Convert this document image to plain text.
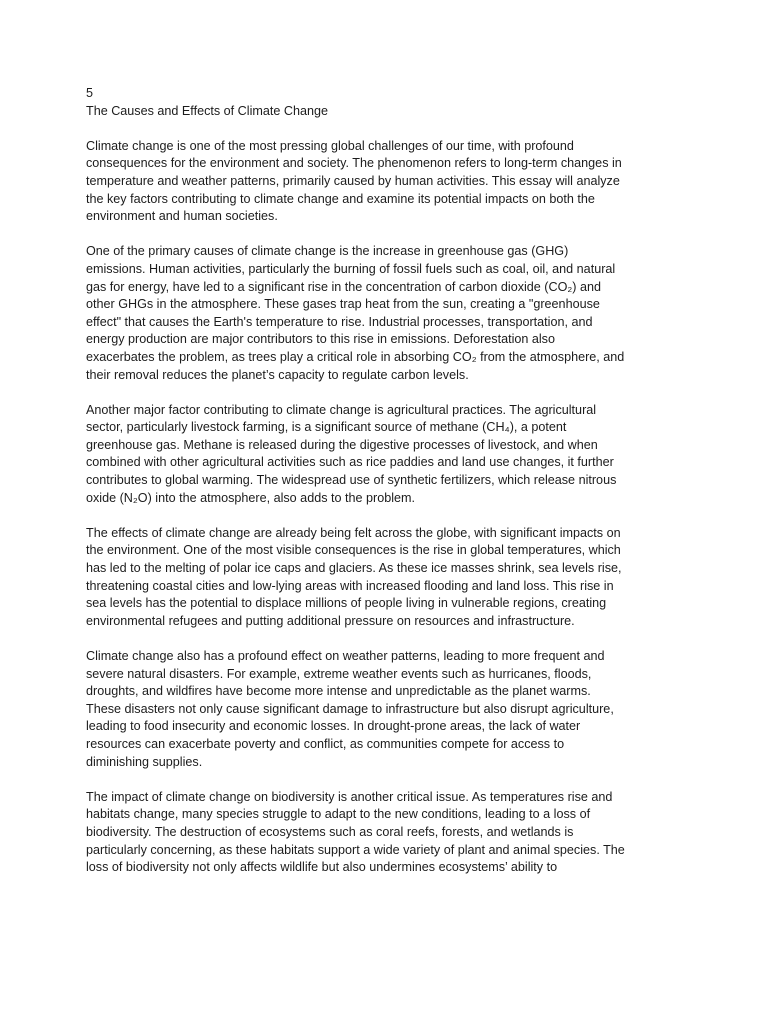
5

The Causes and Effects of Climate Change

Climate change is one of the most pressing global challenges of our time, with profound consequences for the environment and society. The phenomenon refers to long-term changes in temperature and weather patterns, primarily caused by human activities. This essay will analyze the key factors contributing to climate change and examine its potential impacts on both the environment and human societies.

One of the primary causes of climate change is the increase in greenhouse gas (GHG) emissions. Human activities, particularly the burning of fossil fuels such as coal, oil, and natural gas for energy, have led to a significant rise in the concentration of carbon dioxide (CO₂) and other GHGs in the atmosphere. These gases trap heat from the sun, creating a "greenhouse effect" that causes the Earth's temperature to rise. Industrial processes, transportation, and energy production are major contributors to this rise in emissions. Deforestation also exacerbates the problem, as trees play a critical role in absorbing CO₂ from the atmosphere, and their removal reduces the planet’s capacity to regulate carbon levels.

Another major factor contributing to climate change is agricultural practices. The agricultural sector, particularly livestock farming, is a significant source of methane (CH₄), a potent greenhouse gas. Methane is released during the digestive processes of livestock, and when combined with other agricultural activities such as rice paddies and land use changes, it further contributes to global warming. The widespread use of synthetic fertilizers, which release nitrous oxide (N₂O) into the atmosphere, also adds to the problem.

The effects of climate change are already being felt across the globe, with significant impacts on the environment. One of the most visible consequences is the rise in global temperatures, which has led to the melting of polar ice caps and glaciers. As these ice masses shrink, sea levels rise, threatening coastal cities and low-lying areas with increased flooding and land loss. This rise in sea levels has the potential to displace millions of people living in vulnerable regions, creating environmental refugees and putting additional pressure on resources and infrastructure.

Climate change also has a profound effect on weather patterns, leading to more frequent and severe natural disasters. For example, extreme weather events such as hurricanes, floods, droughts, and wildfires have become more intense and unpredictable as the planet warms. These disasters not only cause significant damage to infrastructure but also disrupt agriculture, leading to food insecurity and economic losses. In drought-prone areas, the lack of water resources can exacerbate poverty and conflict, as communities compete for access to diminishing supplies.

The impact of climate change on biodiversity is another critical issue. As temperatures rise and habitats change, many species struggle to adapt to the new conditions, leading to a loss of biodiversity. The destruction of ecosystems such as coral reefs, forests, and wetlands is particularly concerning, as these habitats support a wide variety of plant and animal species. The loss of biodiversity not only affects wildlife but also undermines ecosystems’ ability to
